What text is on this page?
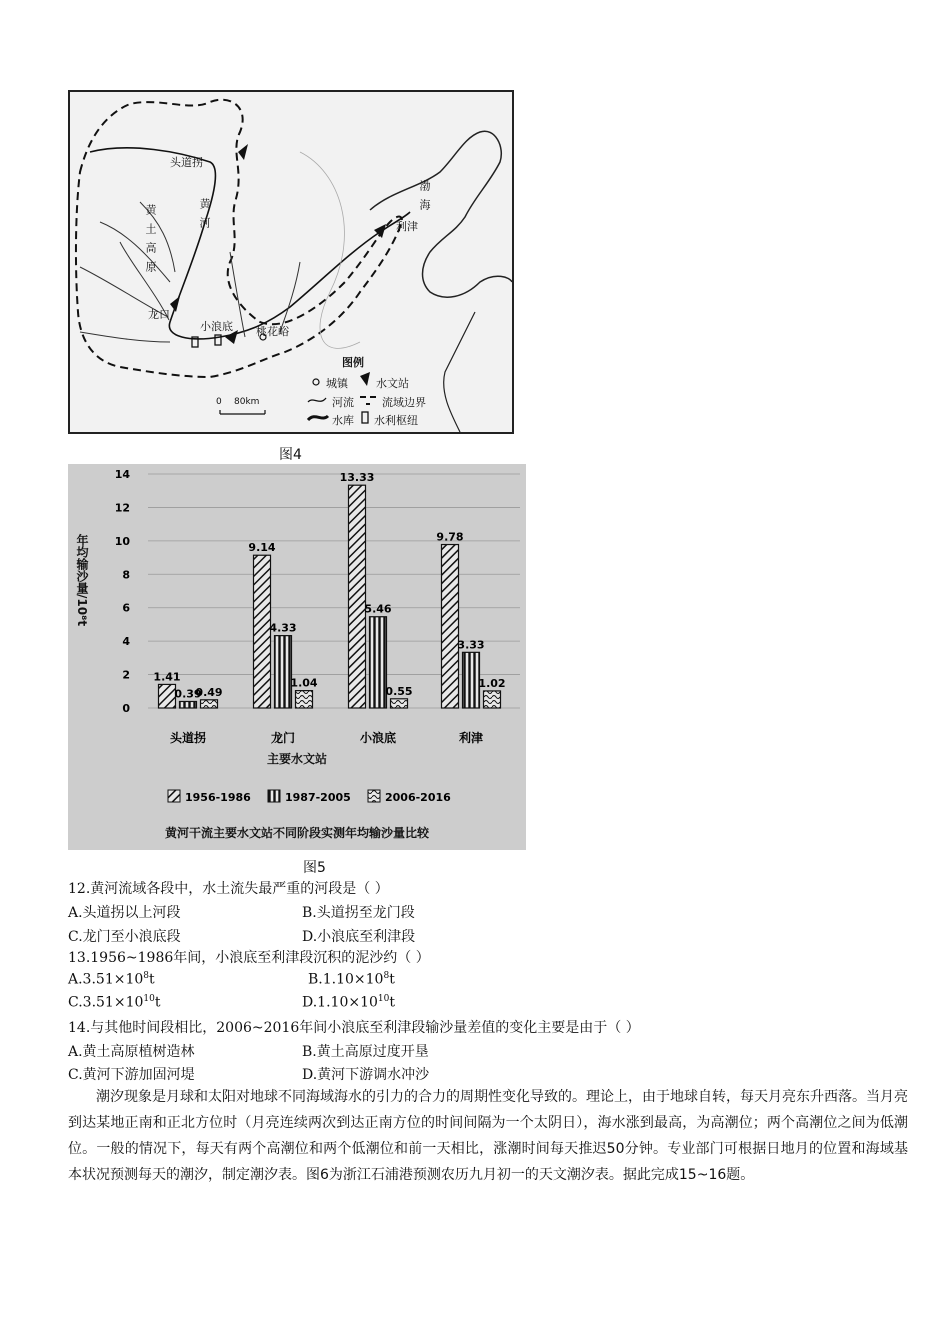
头道拐
龙口
小浪底 桃花峪
利津
渤海
黄河
黄土高原
图例
城镇	水文站
河流	流域边界
水库 水利枢纽
0 80km
图4
0
2
4
6
8
10
12
14
1.41
0.39
0.49
头道拐
9.14
4.33
1.04
龙门
13.33
5.46
0.55
小浪底
9.78
3.33
1.02
利津
1956-1986	1987-2005	2006-2016
年均输沙量/10⁸t
主要水文站
黄河干流主要水文站不同阶段实测年均输沙量比较
图5
12.黄河流域各段中，水土流失最严重的河段是（ ）
A.头道拐以上河段	B.头道拐至龙门段
C.龙门至小浪底段	D.小浪底至利津段
13.1956~1986年间，小浪底至利津段沉积的泥沙约（ ）
$A.3.51\times 10^8t$	$B.1.10\times 10^8t$
$C.3.51\times 10^{10}t$	$D.1.10\times 10^{10}t$
14.与其他时间段相比，2006~2016年间小浪底至利津段输沙量差值的变化主要是由于（ ）
A.黄土高原植树造林	B.黄土高原过度开垦
C.黄河下游加固河堤	D.黄河下游调水冲沙
潮汐现象是月球和太阳对地球不同海域海水的引力的合力的周期性变化导致的。理论上，由于地球自转，每天月亮东升西落。当月亮到达某地正南和正北方位时（月亮连续两次到达正南方位的时间间隔为一个太阴日），海水涨到最高，为高潮位；两个高潮位之间为低潮位。一般的情况下，每天有两个高潮位和两个低潮位和前一天相比，涨潮时间每天推迟50分钟。专业部门可根据日地月的位置和海域基本状况预测每天的潮汐，制定潮汐表。图6为浙江石浦港预测农历九月初一的天文潮汐表。据此完成15~16题。
